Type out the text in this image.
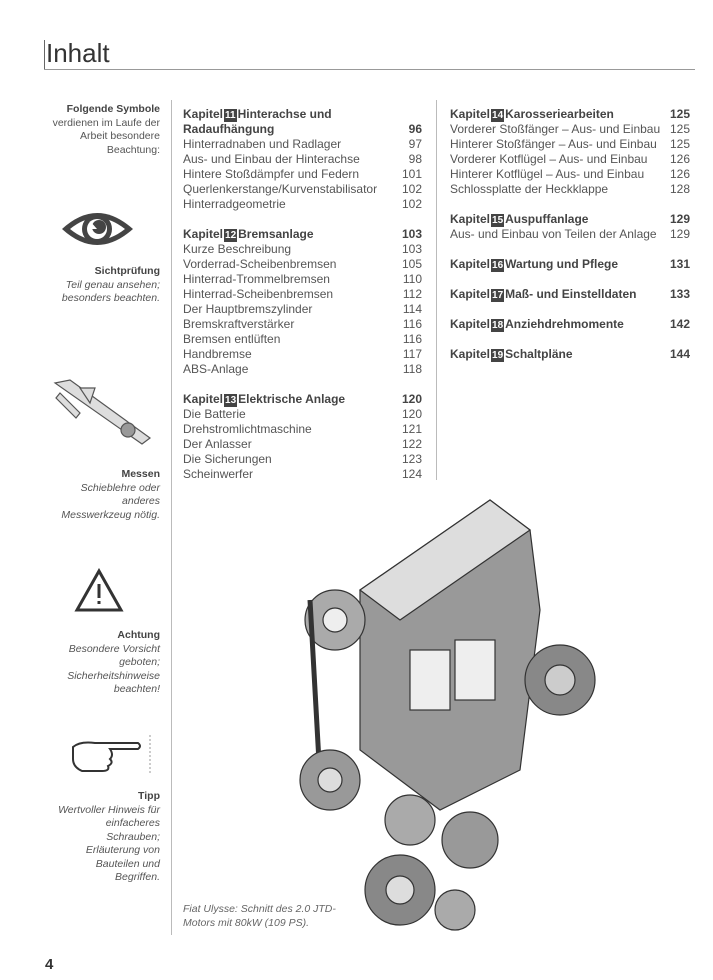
Inhalt
Folgende Symbole
verdienen im Laufe der Arbeit besondere Beachtung:
Sichtprüfung
Teil genau ansehen; besonders beachten.
Messen
Schieblehre oder anderes Messwerkzeug nötig.
Achtung
Besondere Vorsicht geboten; Sicherheitshinweise beachten!
Tipp
Wertvoller Hinweis für einfacheres Schrauben; Erläuterung von Bauteilen und Begriffen.
Kapitel 11 Hinterachse und
Radaufhängung	96
Hinterradnaben und Radlager	97
Aus- und Einbau der Hinterachse	98
Hintere Stoßdämpfer und Federn	101
Querlenkerstange/Kurvenstabilisator 102
Hinterradgeometrie	102
Kapitel 12 Bremsanlage	103
Kurze Beschreibung	103
Vorderrad-Scheibenbremsen	105
Hinterrad-Trommelbremsen	110
Hinterrad-Scheibenbremsen	112
Der Hauptbremszylinder	114
Bremskraftverstärker	116
Bremsen entlüften	116
Handbremse	117
ABS-Anlage	118
Kapitel 13 Elektrische Anlage	120
Die Batterie	120
Drehstromlichtmaschine	121
Der Anlasser	122
Die Sicherungen	123
Scheinwerfer	124
Kapitel 14 Karosseriearbeiten	125
Vorderer Stoßfänger – Aus- und Einbau 125
Hinterer Stoßfänger – Aus- und Einbau 125
Vorderer Kotflügel – Aus- und Einbau 126
Hinterer Kotflügel – Aus- und Einbau 126
Schlossplatte der Heckklappe	128
Kapitel 15 Auspuffanlage	129
Aus- und Einbau von Teilen der Anlage 129
Kapitel 16 Wartung und Pflege	131
Kapitel 17 Maß- und Einstelldaten	133
Kapitel 18 Anziehdrehmomente	142
Kapitel 19 Schaltpläne	144
Fiat Ulysse: Schnitt des 2.0 JTD-Motors mit 80kW (109 PS).
4
